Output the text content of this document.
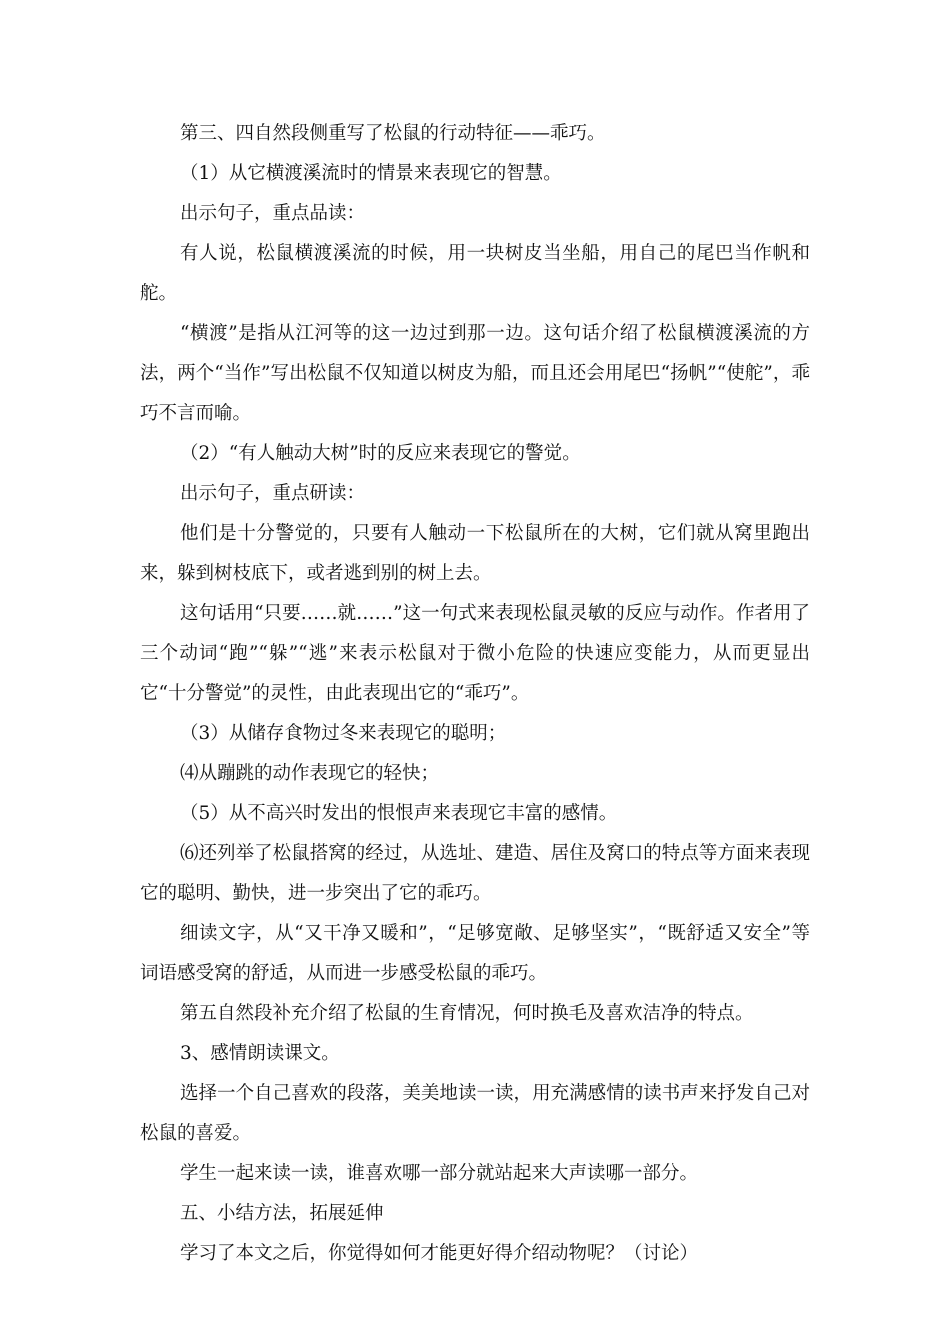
第三、四自然段侧重写了松鼠的行动特征——乖巧。

（1）从它横渡溪流时的情景来表现它的智慧。

出示句子，重点品读：

有人说，松鼠横渡溪流的时候，用一块树皮当坐船，用自己的尾巴当作帆和舵。

“横渡”是指从江河等的这一边过到那一边。这句话介绍了松鼠横渡溪流的方法，两个“当作”写出松鼠不仅知道以树皮为船，而且还会用尾巴“扬帆”“使舵”，乖巧不言而喻。

（2）“有人触动大树”时的反应来表现它的警觉。

出示句子，重点研读：

他们是十分警觉的，只要有人触动一下松鼠所在的大树，它们就从窝里跑出来，躲到树枝底下，或者逃到别的树上去。

这句话用“只要……就……”这一句式来表现松鼠灵敏的反应与动作。作者用了三个动词“跑”“躲”“逃”来表示松鼠对于微小危险的快速应变能力，从而更显出它“十分警觉”的灵性，由此表现出它的“乖巧”。

（3）从储存食物过冬来表现它的聪明；

⑷从蹦跳的动作表现它的轻快；

（5）从不高兴时发出的恨恨声来表现它丰富的感情。

⑹还列举了松鼠搭窝的经过，从选址、建造、居住及窝口的特点等方面来表现它的聪明、勤快，进一步突出了它的乖巧。

细读文字，从“又干净又暖和”，“足够宽敞、足够坚实”，“既舒适又安全”等词语感受窝的舒适，从而进一步感受松鼠的乖巧。

第五自然段补充介绍了松鼠的生育情况，何时换毛及喜欢洁净的特点。

3、感情朗读课文。

选择一个自己喜欢的段落，美美地读一读，用充满感情的读书声来抒发自己对松鼠的喜爱。

学生一起来读一读，谁喜欢哪一部分就站起来大声读哪一部分。

五、小结方法，拓展延伸

学习了本文之后，你觉得如何才能更好得介绍动物呢？（讨论）
